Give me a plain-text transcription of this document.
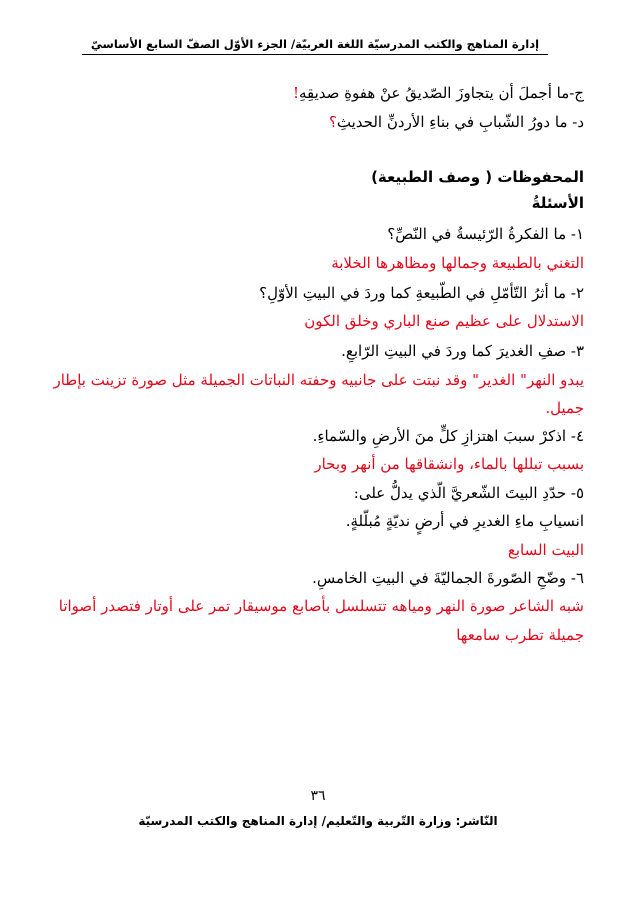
إدارة المناهج والكتب المدرسيّة اللغة العربيّة/ الجزء الأوّل الصفّ السابع الأساسيّ
ج-ما أجملَ أن يتجاوزَ الصّديقُ عنْ هفوةِ صديقِهِ!
د- ما دورُ الشّبابِ في بناءِ الأردنِّ الحديثِ؟
المحفوظات ( وصف الطبيعة)
الأسئلةُ
١- ما الفكرةُ الرّئيسةُ في النّصِّ؟
التغني بالطبيعة وجمالها ومظاهرها الخلابة
٢- ما أثرُ التّأمّلِ في الطّبيعةِ كما وردَ في البيتِ الأوّلِ؟
الاستدلال على عظيم صنع الباري وخلق الكون
٣- صفِ الغديرَ كما وردَ في البيتِ الرّابعِ.
يبدو النهر" الغدير" وقد نبتت على جانبيه وحفته النباتات الجميلة مثل صورة تزينت بإطار
جميل.
٤- اذكرْ سببَ اهتزازِ كلٍّ منَ الأرضِ والسّماءِ.
بسبب تبللها بالماء، وانشقاقها من أنهر وبحار
٥- حدّدِ البيتَ الشّعريَّ الّذي يدلُّ على:
انسيابِ ماءِ الغديرِ في أرضٍ نديّةٍ مُبلّلةٍ.
البيت السابع
٦- وضّحِ الصّورةَ الجماليّةَ في البيتِ الخامسِ.
شبه الشاعر صورة النهر ومياهه تتسلسل بأصابع موسيقار تمر على أوتار فتصدر أصواتا
جميلة تطرب سامعها
٣٦
النّاشر: وزارة التّربية والتّعليم/ إدارة المناهج والكتب المدرسيّة
